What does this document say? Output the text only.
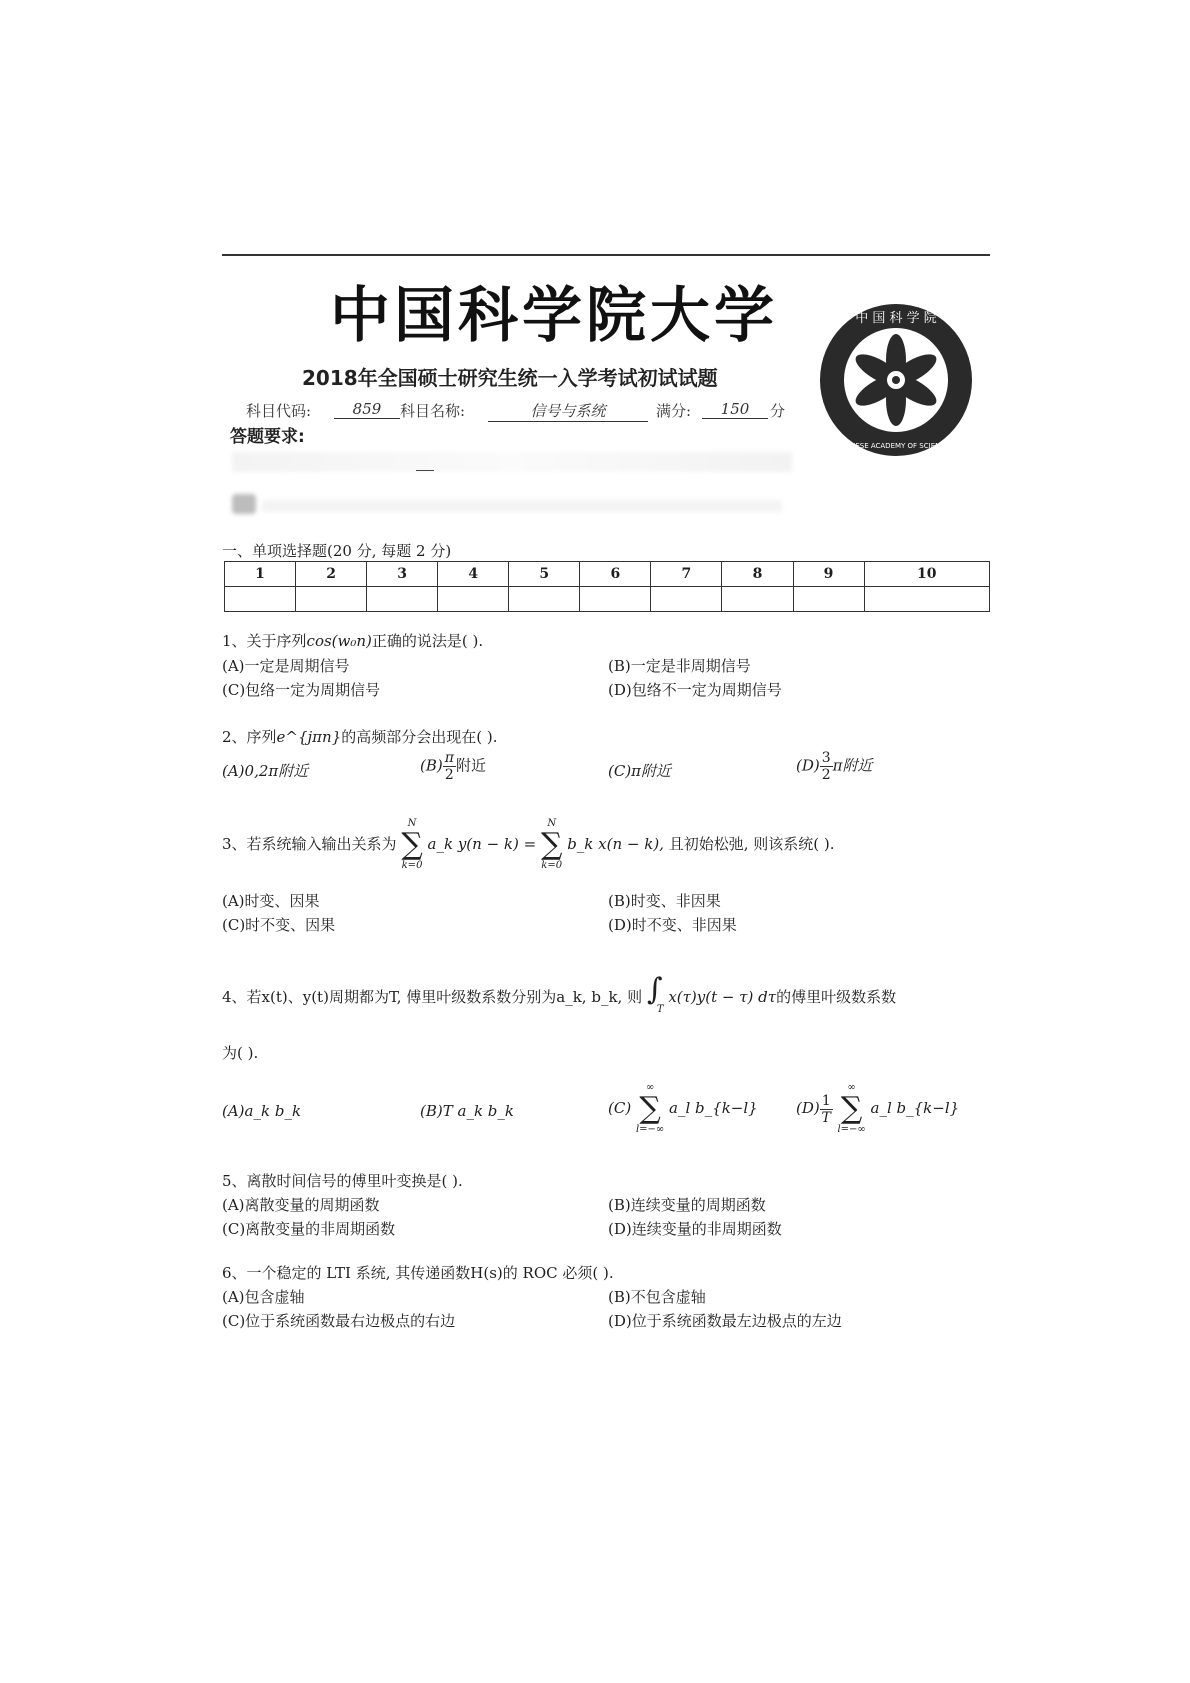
中国科学院大学	中 国 科 学 院
CHINESE ACADEMY OF SCIENCES
2018年全国硕士研究生统一入学考试初试试题
科目代码:	859	科目名称:	信号与系统	满分:	150	分
答题要求:
一、单项选择题(20 分, 每题 2 分)
1	2	3	4	5	6	7	8	9	10

1、关于序列cos(w₀n)正确的说法是( ).
(A)一定是周期信号	(B)一定是非周期信号
(C)包络一定为周期信号	(D)包络不一定为周期信号
2、序列e^{jπn}的高频部分会出现在( ).
(A)0,2π附近	$(B) \frac{\pi}{2}$ 附近	(C)π附近	$(D) \frac{3}{2}$ π附近
3、若系统输入输出关系为
N
∑
k=0
a_k y(n − k) =
N
∑
k=0
b_k x(n − k), 且初始松弛, 则该系统( ).
(A)时变、因果	(B)时变、非因果
(C)时不变、因果	(D)时不变、非因果
4、若x(t)、y(t)周期都为T, 傅里叶级数系数分别为a_k, b_k, 则 ∫
T
x(τ)y(t − τ) dτ的傅里叶级数系数
为( ).
(A)a_k b_k	(B)T a_k b_k	(C)
∞
∑
l=−∞
a_l b_{k−l}	$(D) \frac{1}{T}$

∞
∑
l=−∞
a_l b_{k−l}
5、离散时间信号的傅里叶变换是( ).
(A)离散变量的周期函数	(B)连续变量的周期函数
(C)离散变量的非周期函数	(D)连续变量的非周期函数
6、一个稳定的 LTI 系统, 其传递函数H(s)的 ROC 必须( ).
(A)包含虚轴	(B)不包含虚轴
(C)位于系统函数最右边极点的右边	(D)位于系统函数最左边极点的左边
